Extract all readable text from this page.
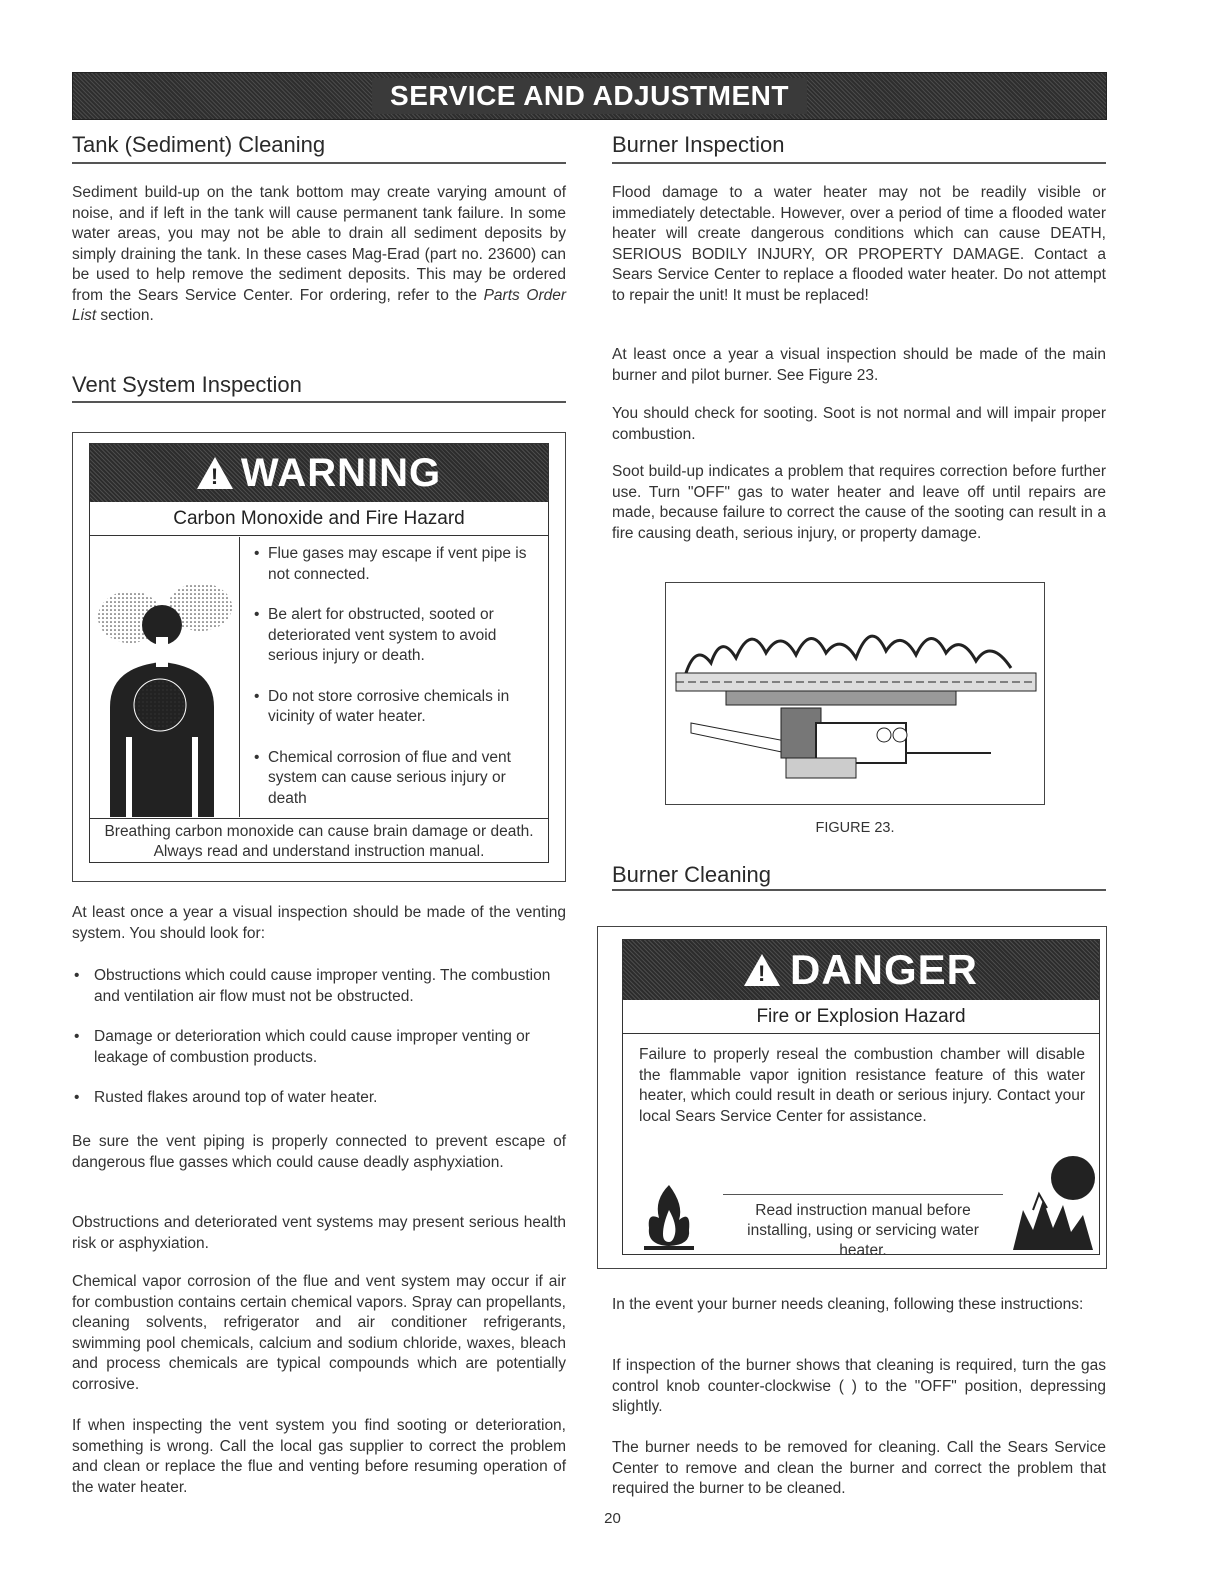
SERVICE AND ADJUSTMENT
Tank (Sediment) Cleaning

Sediment build-up on the tank bottom may create varying amount of noise, and if left in the tank will cause permanent tank failure. In some water areas, you may not be able to drain all sediment deposits by simply draining the tank. In these cases Mag-Erad (part no. 23600) can be used to help remove the sediment deposits. This may be ordered from the Sears Service Center. For ordering, refer to the Parts Order List section.

Vent System Inspection
!
WARNING
Carbon Monoxide and Fire Hazard
• Flue gases may escape if vent pipe is not connected.
• Be alert for obstructed, sooted or deteriorated vent system to avoid serious injury or death.
• Do not store corrosive chemicals in vicinity of water heater.
• Chemical corrosion of flue and vent system can cause serious injury or death
Breathing carbon monoxide can cause brain damage or death. Always read and understand instruction manual.

At least once a year a visual inspection should be made of the venting system. You should look for:

• Obstructions which could cause improper venting. The combustion and ventilation air flow must not be obstructed.
• Damage or deterioration which could cause improper venting or leakage of combustion products.
• Rusted flakes around top of water heater.

Be sure the vent piping is properly connected to prevent escape of dangerous flue gasses which could cause deadly asphyxiation.

Obstructions and deteriorated vent systems may present serious health risk or asphyxiation.

Chemical vapor corrosion of the flue and vent system may occur if air for combustion contains certain chemical vapors. Spray can propellants, cleaning solvents, refrigerator and air conditioner refrigerants, swimming pool chemicals, calcium and sodium chloride, waxes, bleach and process chemicals are typical compounds which are potentially corrosive.

If when inspecting the vent system you find sooting or deterioration, something is wrong. Call the local gas supplier to correct the problem and clean or replace the flue and venting before resuming operation of the water heater.

Burner Inspection

Flood damage to a water heater may not be readily visible or immediately detectable. However, over a period of time a flooded water heater will create dangerous conditions which can cause DEATH, SERIOUS BODILY INJURY, OR PROPERTY DAMAGE. Contact a Sears Service Center to replace a flooded water heater. Do not attempt to repair the unit! It must be replaced!

At least once a year a visual inspection should be made of the main burner and pilot burner. See Figure 23.

You should check for sooting. Soot is not normal and will impair proper combustion.

Soot build-up indicates a problem that requires correction before further use. Turn "OFF" gas to water heater and leave off until repairs are made, because failure to correct the cause of the sooting can result in a fire causing death, serious injury, or property damage.

FIGURE 23.
Burner Cleaning
!
DANGER
Fire or Explosion Hazard

Failure to properly reseal the combustion chamber will disable the flammable vapor ignition resistance feature of this water heater, which could result in death or serious injury. Contact your local Sears Service Center for assistance.

Read instruction manual before installing, using or servicing water heater.

In the event your burner needs cleaning, following these instructions:

If inspection of the burner shows that cleaning is required, turn the gas control knob counter-clockwise ( ) to the "OFF" position, depressing slightly.

The burner needs to be removed for cleaning. Call the Sears Service Center to remove and clean the burner and correct the problem that required the burner to be cleaned.

20
